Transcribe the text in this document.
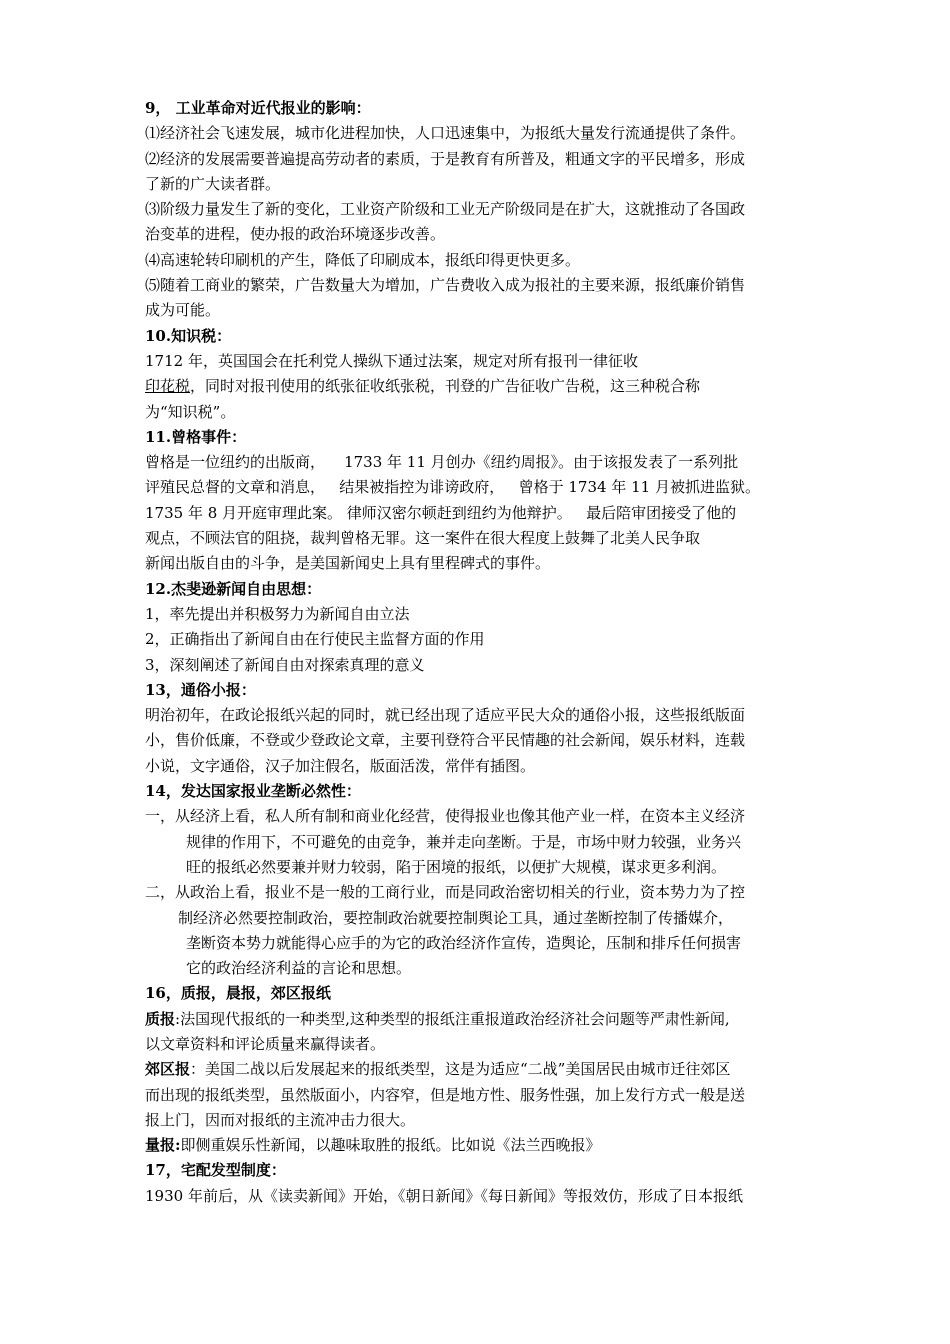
9， 工业革命对近代报业的影响：
⑴经济社会飞速发展，城市化进程加快，人口迅速集中，为报纸大量发行流通提供了条件。
⑵经济的发展需要普遍提高劳动者的素质，于是教育有所普及，粗通文字的平民增多，形成
了新的广大读者群。
⑶阶级力量发生了新的变化，工业资产阶级和工业无产阶级同是在扩大，这就推动了各国政
治变革的进程，使办报的政治环境逐步改善。
⑷高速轮转印刷机的产生，降低了印刷成本，报纸印得更快更多。
⑸随着工商业的繁荣，广告数量大为增加，广告费收入成为报社的主要来源，报纸廉价销售
成为可能。
10.知识税：
1712 年，英国国会在托利党人操纵下通过法案，规定对所有报刊一律征收
印花税，同时对报刊使用的纸张征收纸张税，刊登的广告征收广告税，这三种税合称
为“知识税”。
11.曾格事件：
曾格是一位纽约的出版商，    1733 年 11 月创办《纽约周报》。由于该报发表了一系列批
评殖民总督的文章和消息，   结果被指控为诽谤政府，   曾格于 1734 年 11 月被抓进监狱。
1735 年 8 月开庭审理此案。 律师汉密尔顿赶到纽约为他辩护。   最后陪审团接受了他的
观点，不顾法官的阻挠，裁判曾格无罪。这一案件在很大程度上鼓舞了北美人民争取
新闻出版自由的斗争，是美国新闻史上具有里程碑式的事件。
12.杰斐逊新闻自由思想：
1，率先提出并积极努力为新闻自由立法
2，正确指出了新闻自由在行使民主监督方面的作用
3，深刻阐述了新闻自由对探索真理的意义
13，通俗小报：
明治初年，在政论报纸兴起的同时，就已经出现了适应平民大众的通俗小报，这些报纸版面
小，售价低廉，不登或少登政论文章，主要刊登符合平民情趣的社会新闻，娱乐材料，连载
小说，文字通俗，汉子加注假名，版面活泼，常伴有插图。
14，发达国家报业垄断必然性：
一，从经济上看，私人所有制和商业化经营，使得报业也像其他产业一样，在资本主义经济
规律的作用下，不可避免的由竞争，兼并走向垄断。于是，市场中财力较强，业务兴
旺的报纸必然要兼并财力较弱，陷于困境的报纸，以便扩大规模，谋求更多利润。
二，从政治上看，报业不是一般的工商行业，而是同政治密切相关的行业，资本势力为了控
制经济必然要控制政治，要控制政治就要控制舆论工具，通过垄断控制了传播媒介，
垄断资本势力就能得心应手的为它的政治经济作宣传，造舆论，压制和排斥任何损害
它的政治经济利益的言论和思想。
16，质报，晨报，郊区报纸
质报:法国现代报纸的一种类型,这种类型的报纸注重报道政治经济社会问题等严肃性新闻,
以文章资料和评论质量来赢得读者。
郊区报：美国二战以后发展起来的报纸类型，这是为适应“二战”美国居民由城市迁往郊区
而出现的报纸类型，虽然版面小，内容窄，但是地方性、服务性强，加上发行方式一般是送
报上门，因而对报纸的主流冲击力很大。
量报:即侧重娱乐性新闻，以趣味取胜的报纸。比如说《法兰西晚报》
17，宅配发型制度：
1930 年前后，从《读卖新闻》开始，《朝日新闻》《每日新闻》等报效仿，形成了日本报纸
